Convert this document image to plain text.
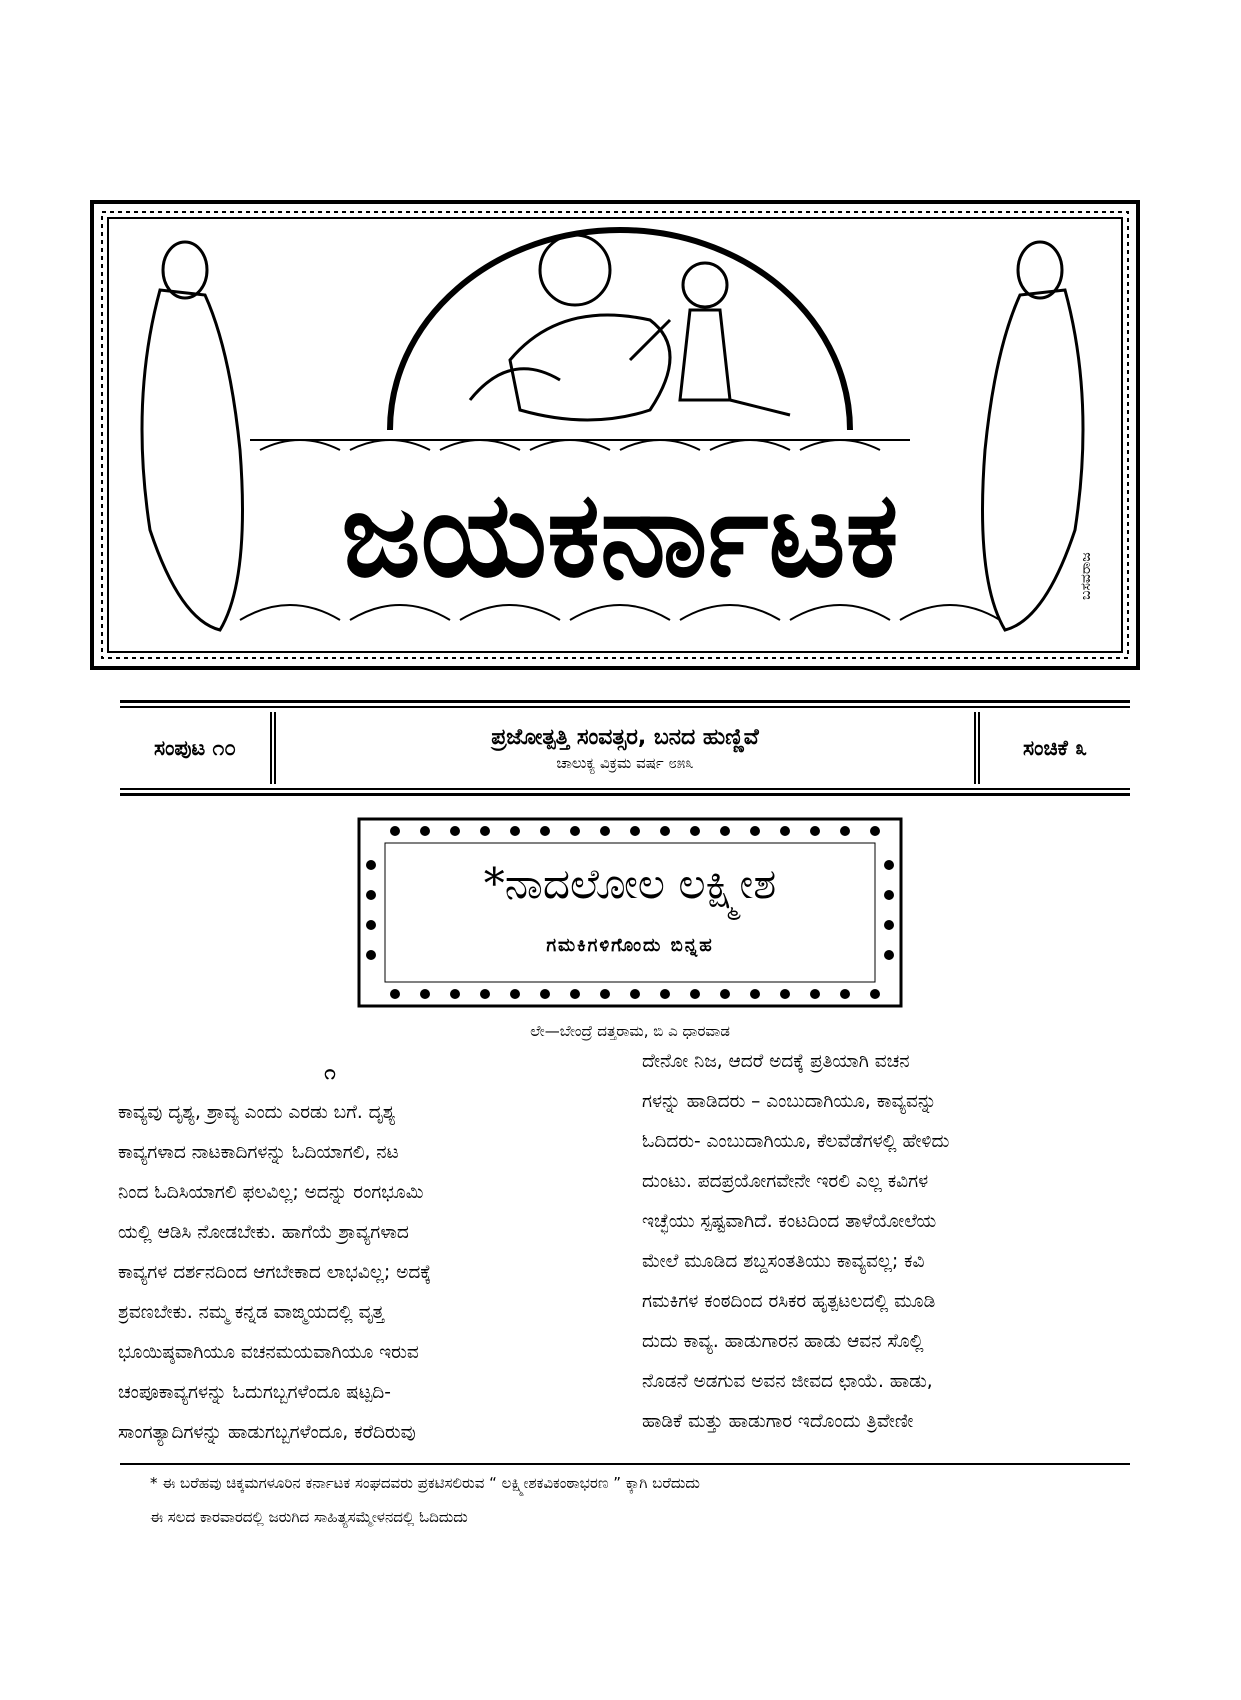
ಜಯಕರ್ನಾಟಕ	ಬಸವರಾಜ
ಸಂಪುಟ ೧೦	ಪ್ರಜೋತ್ಪತ್ತಿ ಸಂವತ್ಸರ, ಬನದ ಹುಣ್ಣಿವೆ
ಚಾಲುಕ್ಯ ವಿಕ್ರಮ ವರ್ಷ ೮೫೩
ಸಂಚಿಕೆ ೩
*ನಾದಲೋಲ ಲಕ್ಷ್ಮೀಶ
ಗಮಕಿಗಳಿಗೊಂದು ಬಿನ್ನಹ
ಲೇ—ಬೇಂದ್ರೆ ದತ್ತರಾಮ, ಬಿ ಎ ಧಾರವಾಡ
೧

ಕಾವ್ಯವು ದೃಶ್ಯ, ಶ್ರಾವ್ಯ ಎಂದು ಎರಡು ಬಗೆ. ದೃಶ್ಯ

ಕಾವ್ಯಗಳಾದ ನಾಟಕಾದಿಗಳನ್ನು ಓದಿಯಾಗಲಿ, ನಟ

ನಿಂದ ಓದಿಸಿಯಾಗಲಿ ಫಲವಿಲ್ಲ; ಅದನ್ನು ರಂಗಭೂಮಿ

ಯಲ್ಲಿ ಆಡಿಸಿ ನೋಡಬೇಕು. ಹಾಗೆಯೆ ಶ್ರಾವ್ಯಗಳಾದ

ಕಾವ್ಯಗಳ ದರ್ಶನದಿಂದ ಆಗಬೇಕಾದ ಲಾಭವಿಲ್ಲ; ಅದಕ್ಕೆ

ಶ್ರವಣಬೇಕು. ನಮ್ಮ ಕನ್ನಡ ವಾಙ್ಮಯದಲ್ಲಿ ವೃತ್ತ

ಭೂಯಿಷ್ಠವಾಗಿಯೂ ವಚನಮಯವಾಗಿಯೂ ಇರುವ

ಚಂಪೂಕಾವ್ಯಗಳನ್ನು ಓದುಗಬ್ಬಗಳೆಂದೂ ಷಟ್ಪದಿ-

ಸಾಂಗತ್ಯಾದಿಗಳನ್ನು ಹಾಡುಗಬ್ಬಗಳೆಂದೂ, ಕರೆದಿರುವು

ದೇನೋ ನಿಜ, ಆದರೆ ಅದಕ್ಕೆ ಪ್ರತಿಯಾಗಿ ವಚನ

ಗಳನ್ನು ಹಾಡಿದರು – ಎಂಬುದಾಗಿಯೂ, ಕಾವ್ಯವನ್ನು

ಓದಿದರು- ಎಂಬುದಾಗಿಯೂ, ಕೆಲವೆಡೆಗಳಲ್ಲಿ ಹೇಳಿದು

ದುಂಟು. ಪದಪ್ರಯೋಗವೇನೇ ಇರಲಿ ಎಲ್ಲ ಕವಿಗಳ

ಇಚ್ಛೆಯು ಸ್ಪಷ್ಟವಾಗಿದೆ. ಕಂಟದಿಂದ ತಾಳೆಯೋಲೆಯ

ಮೇಲೆ ಮೂಡಿದ ಶಬ್ದಸಂತತಿಯು ಕಾವ್ಯವಲ್ಲ; ಕವಿ

ಗಮಕಿಗಳ ಕಂಠದಿಂದ ರಸಿಕರ ಹೃತ್ಪಟಲದಲ್ಲಿ ಮೂಡಿ

ದುದು ಕಾವ್ಯ. ಹಾಡುಗಾರನ ಹಾಡು ಆವನ ಸೊಲ್ಲಿ

ನೊಡನೆ ಅಡಗುವ ಅವನ ಜೀವದ ಛಾಯೆ. ಹಾಡು,

ಹಾಡಿಕೆ ಮತ್ತು ಹಾಡುಗಾರ ಇದೊಂದು ತ್ರಿವೇಣೀ

* ಈ ಬರೆಹವು ಚಿಕ್ಕಮಗಳೂರಿನ ಕರ್ನಾಟಕ ಸಂಘದವರು ಪ್ರಕಟಿಸಲಿರುವ “ ಲಕ್ಷ್ಮೀಶಕವಿಕಂಠಾಭರಣ ” ಕ್ಕಾಗಿ ಬರೆದುದು

ಈ ಸಲದ ಕಾರವಾರದಲ್ಲಿ ಜರುಗಿದ ಸಾಹಿತ್ಯಸಮ್ಮೇಳನದಲ್ಲಿ ಓದಿದುದು
